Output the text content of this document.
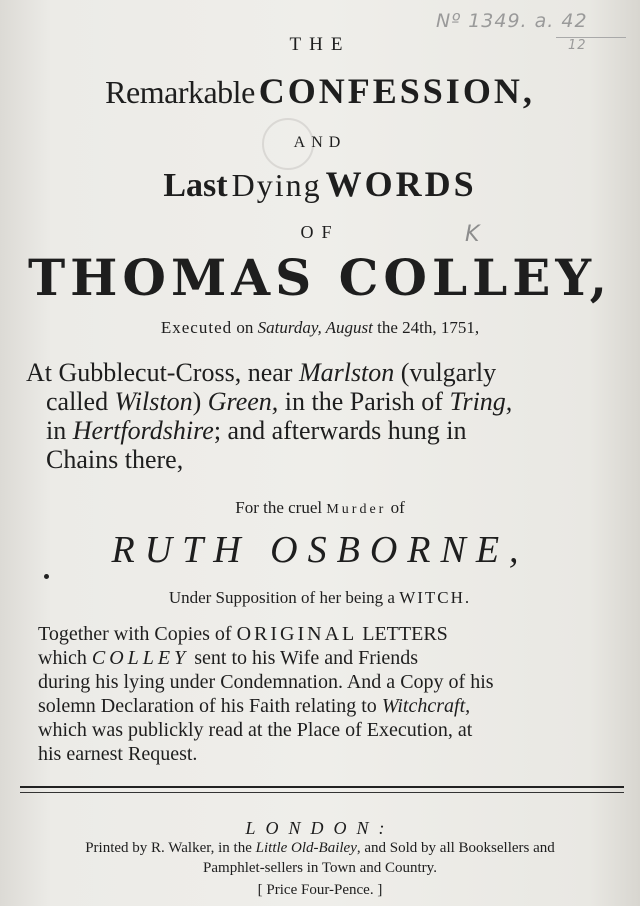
Nº 1349. a. 42
12
K
THE
Remarkable CONFESSION,
AND
Last Dying WORDS
OF
THOMAS COLLEY,
Executed on Saturday, August the 24th, 1751,
At Gubblecut-Cross, near Marlston (vulgarly
called Wilston) Green, in the Parish of Tring,
in Hertfordshire; and afterwards hung in
Chains there,
For the cruel Murder of
RUTH OSBORNE,
Under Supposition of her being a WITCH.
Together with Copies of ORIGINAL LETTERS
which COLLEY sent to his Wife and Friends
during his lying under Condemnation. And a Copy of his
solemn Declaration of his Faith relating to Witchcraft,
which was publickly read at the Place of Execution, at
his earnest Request.
LONDON:
Printed by R. Walker, in the Little Old-Bailey, and Sold by all Booksellers and
Pamphlet-sellers in Town and Country.
[ Price Four-Pence. ]
